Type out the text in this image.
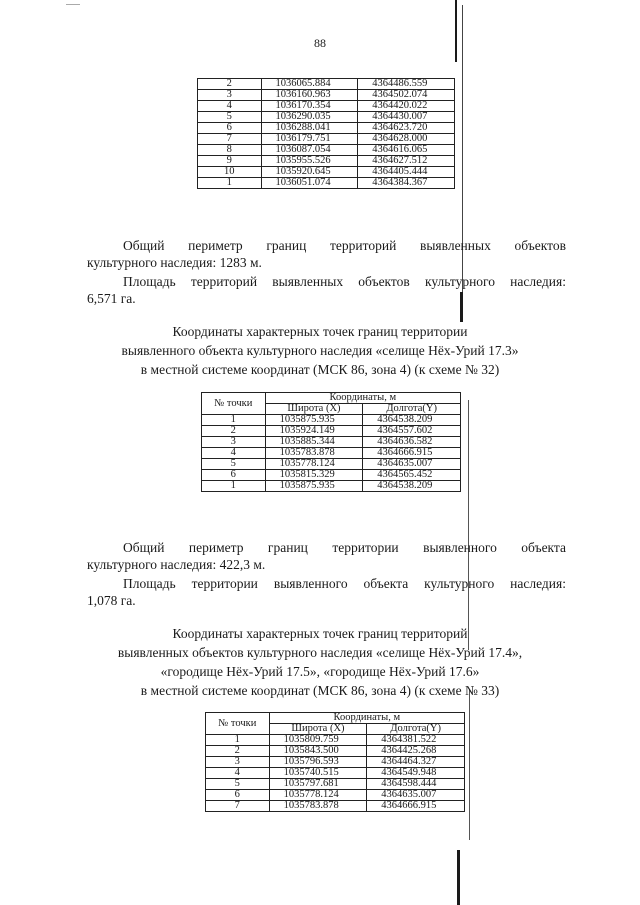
88
2	1036065.884	4364486.559
3	1036160.963	4364502.074
4	1036170.354	4364420.022
5	1036290.035	4364430.007
6	1036288.041	4364623.720
7	1036179.751	4364628.000
8	1036087.054	4364616.065
9	1035955.526	4364627.512
10	1035920.645	4364405.444
1	1036051.074	4364384.367

Общий периметр границ территорий выявленных объектов

культурного наследия: 1283 м.

Площадь территорий выявленных объектов культурного наследия:

6,571 га.

Координаты характерных точек границ территории

выявленного объекта культурного наследия «селище Нёх-Урий 17.3»

в местной системе координат (МСК 86, зона 4) (к схеме № 32)

№ точки	Координаты, м	
	Широта (X)	Долгота(Y)
1	1035875.935	4364538.209
2	1035924.149	4364557.602
3	1035885.344	4364636.582
4	1035783.878	4364666.915
5	1035778.124	4364635.007
6	1035815.329	4364565.452
1	1035875.935	4364538.209

Общий периметр границ территории выявленного объекта

культурного наследия: 422,3 м.

Площадь территории выявленного объекта культурного наследия:

1,078 га.

Координаты характерных точек границ территорий

выявленных объектов культурного наследия «селище Нёх-Урий 17.4»,

«городище Нёх-Урий 17.5», «городище Нёх-Урий 17.6»

в местной системе координат (МСК 86, зона 4) (к схеме № 33)

№ точки	Координаты, м	
	Широта (X)	Долгота(Y)
1	1035809.759	4364381.522
2	1035843.500	4364425.268
3	1035796.593	4364464.327
4	1035740.515	4364549.948
5	1035797.681	4364598.444
6	1035778.124	4364635.007
7	1035783.878	4364666.915
